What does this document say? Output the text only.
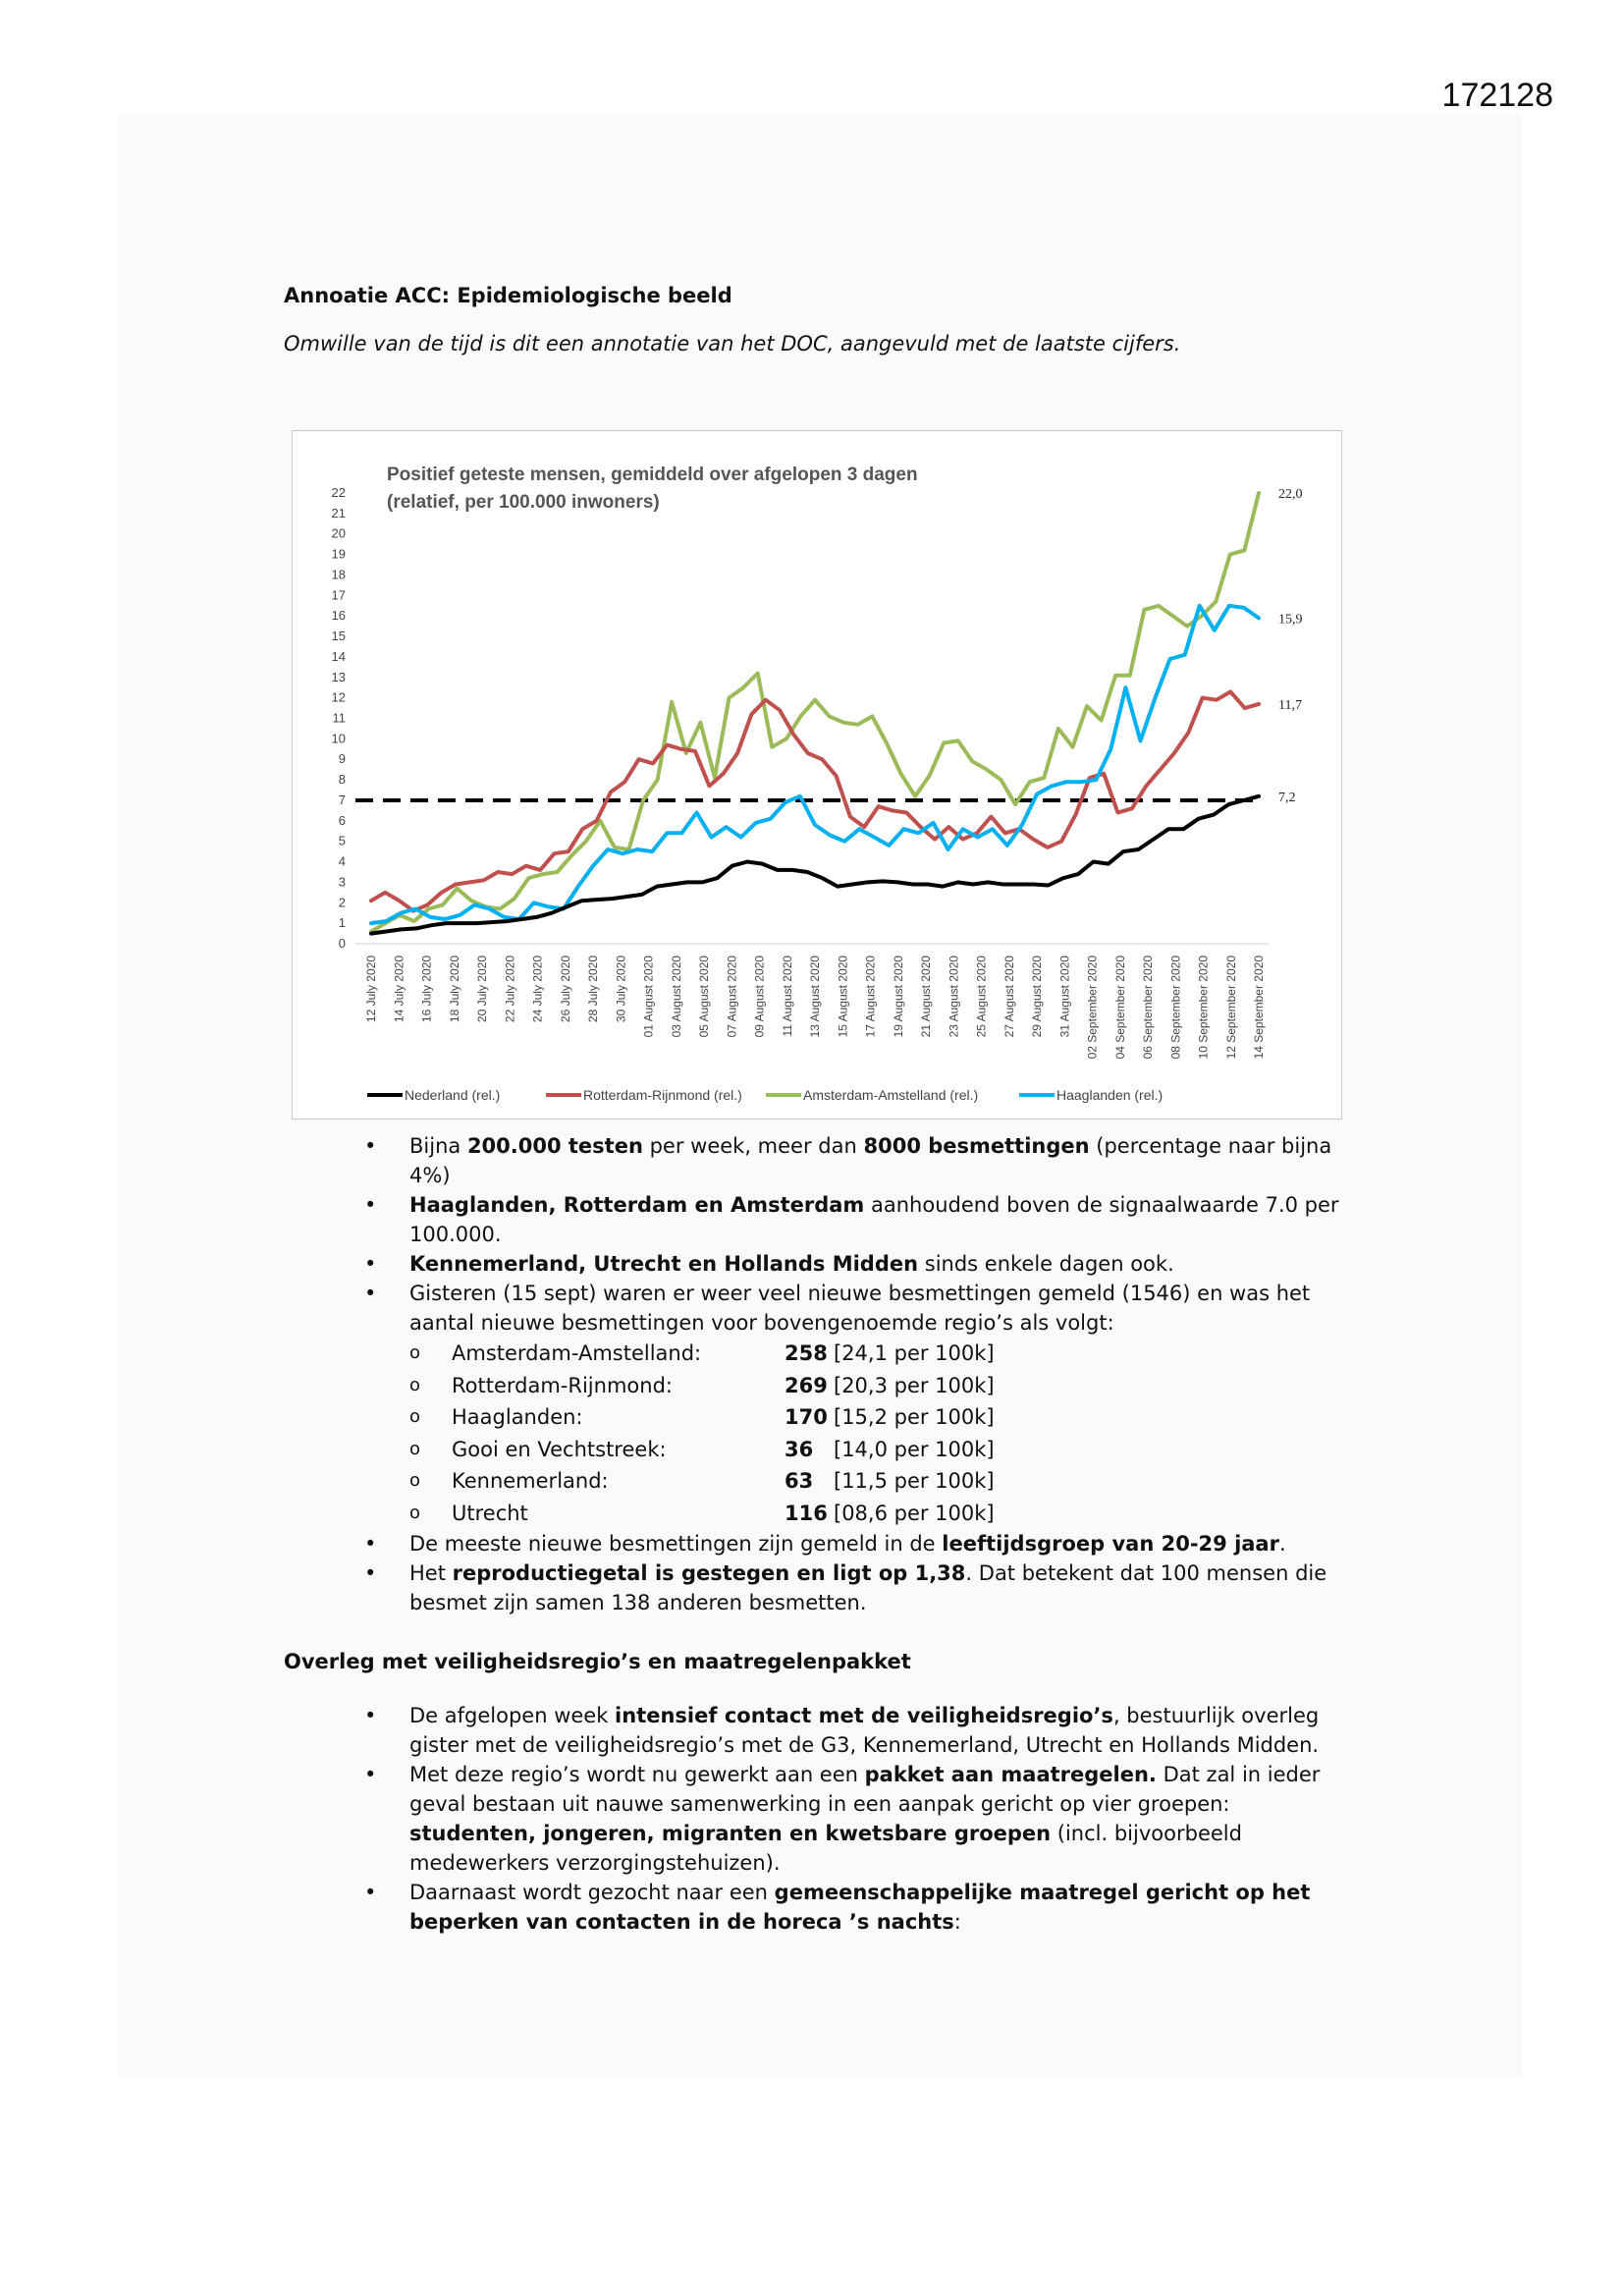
172128
Annoatie ACC: Epidemiologische beeld

Omwille van de tijd is dit een annotatie van het DOC, aangevuld met de laatste cijfers.

Positief geteste mensen, gemiddeld over afgelopen 3 dagen
(relatief, per 100.000 inwoners)
0
1
2
3
4
5
6
7
8
9
10
11
12
13
14
15
16
17
18
19
20
21
22
12 July 2020 14 July 2020 16 July 2020 18 July 2020 20 July 2020 22 July 2020 24 July 2020 26 July 2020 28 July 2020 30 July 2020 01 August 2020 03 August 2020 05 August 2020 07 August 2020 09 August 2020 11 August 2020 13 August 2020 15 August 2020 17 August 2020 19 August 2020 21 August 2020 23 August 2020 25 August 2020 27 August 2020 29 August 2020 31 August 2020 02 September 2020 04 September 2020 06 September 2020 08 September 2020 10 September 2020 12 September 2020 14 September 2020
22,0
15,9
11,7
7,2
Nederland (rel.)	Rotterdam-Rijnmond (rel.)	Amsterdam-Amstelland (rel.)	Haaglanden (rel.)

• Bijna 200.000 testen per week, meer dan 8000 besmettingen (percentage naar bijna 4%)

• Haaglanden, Rotterdam en Amsterdam aanhoudend boven de signaalwaarde 7.0 per 100.000.

• Kennemerland, Utrecht en Hollands Midden sinds enkele dagen ook.

• Gisteren (15 sept) waren er weer veel nieuwe besmettingen gemeld (1546) en was het aantal nieuwe besmettingen voor bovengenoemde regio’s als volgt:

o Amsterdam-Amstelland:	258 [24,1 per 100k]
o Rotterdam-Rijnmond:	269 [20,3 per 100k]
o Haaglanden:	170 [15,2 per 100k]
o Gooi en Vechtstreek:	36 [14,0 per 100k]
o Kennemerland:	63 [11,5 per 100k]
o Utrecht	116 [08,6 per 100k]

• De meeste nieuwe besmettingen zijn gemeld in de leeftijdsgroep van 20-29 jaar.

• Het reproductiegetal is gestegen en ligt op 1,38. Dat betekent dat 100 mensen die besmet zijn samen 138 anderen besmetten.

Overleg met veiligheidsregio’s en maatregelenpakket

• De afgelopen week intensief contact met de veiligheidsregio’s, bestuurlijk overleg gister met de veiligheidsregio’s met de G3, Kennemerland, Utrecht en Hollands Midden.

• Met deze regio’s wordt nu gewerkt aan een pakket aan maatregelen. Dat zal in ieder geval bestaan uit nauwe samenwerking in een aanpak gericht op vier groepen: studenten, jongeren, migranten en kwetsbare groepen (incl. bijvoorbeeld medewerkers verzorgingstehuizen).

• Daarnaast wordt gezocht naar een gemeenschappelijke maatregel gericht op het beperken van contacten in de horeca ’s nachts:
